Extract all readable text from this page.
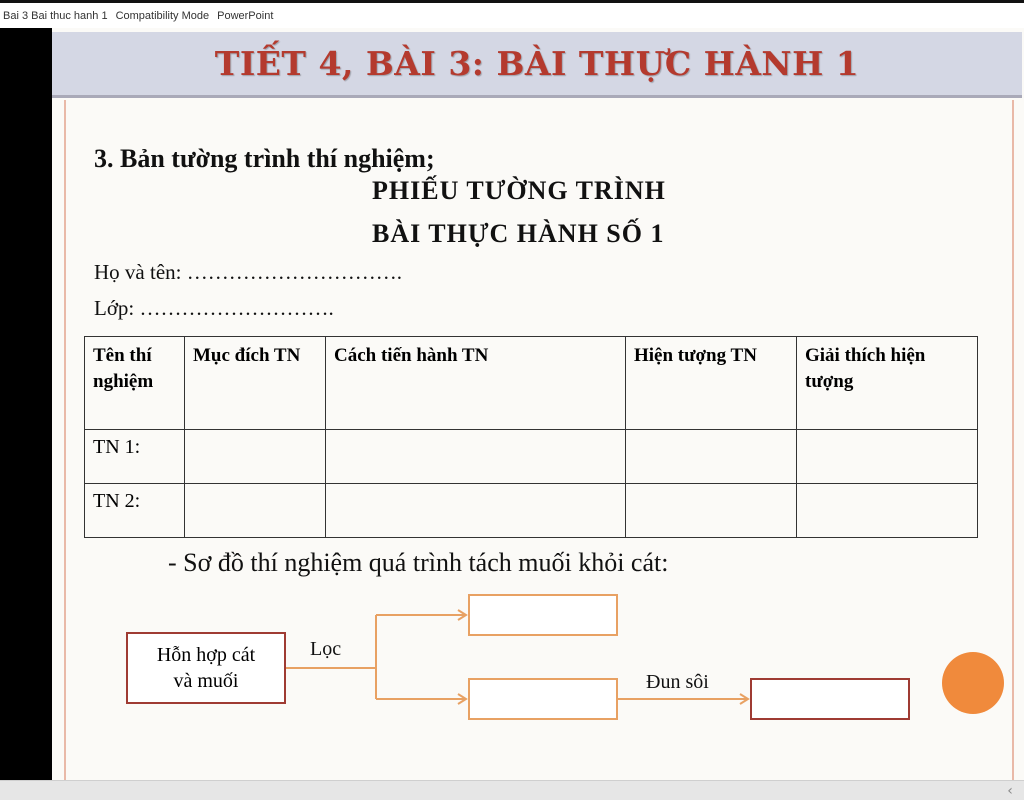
Bai 3 Bai thuc hanh 1 Compatibility Mode PowerPoint
TIẾT 4, BÀI 3: BÀI THỰC HÀNH 1
3. Bản tường trình thí nghiệm;
PHIẾU TƯỜNG TRÌNH
BÀI THỰC HÀNH SỐ 1
Họ và tên: ………………………….
Lớp: ……………………….
Tên thí nghiệm	Mục đích TN	Cách tiến hành TN	Hiện tượng TN	Giải thích hiện tượng
TN 1:				
TN 2:				
- Sơ đồ thí nghiệm quá trình tách muối khỏi cát:
Hỗn hợp cát
và muối
Lọc
Đun sôi
‹
